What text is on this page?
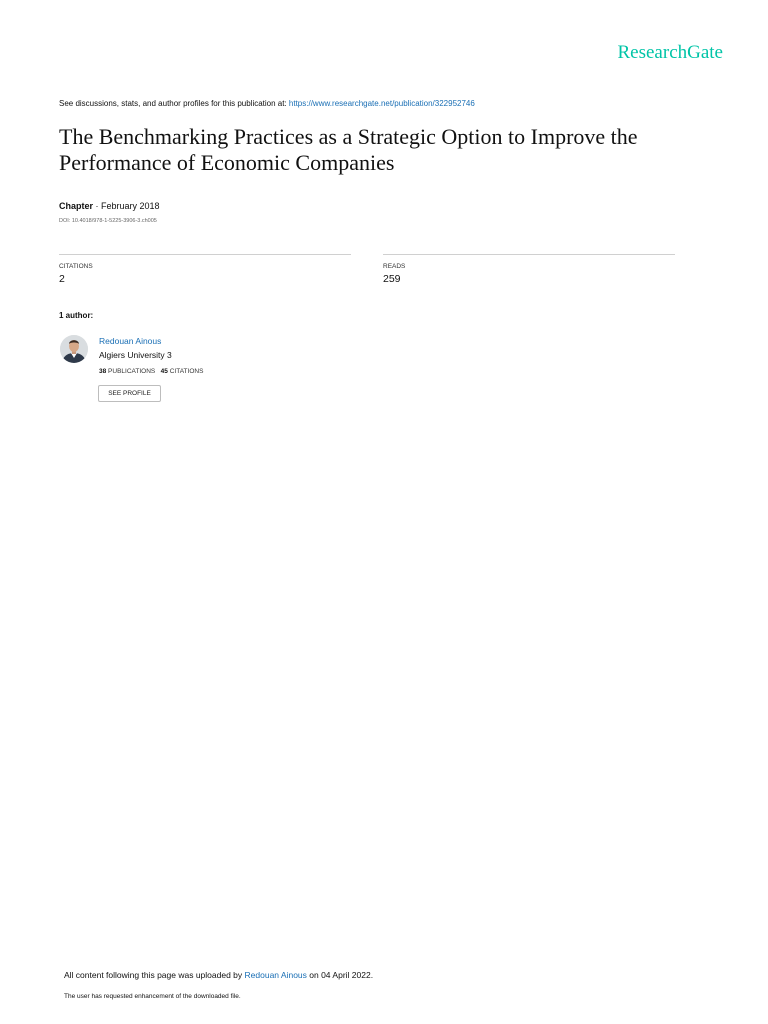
ResearchGate
See discussions, stats, and author profiles for this publication at: https://www.researchgate.net/publication/322952746
The Benchmarking Practices as a Strategic Option to Improve the Performance of Economic Companies
Chapter · February 2018
DOI: 10.4018/978-1-5225-3906-3.ch005
CITATIONS
2
READS
259
1 author:
Redouan Ainous
Algiers University 3
38 PUBLICATIONS 45 CITATIONS
SEE PROFILE
All content following this page was uploaded by Redouan Ainous on 04 April 2022.
The user has requested enhancement of the downloaded file.
